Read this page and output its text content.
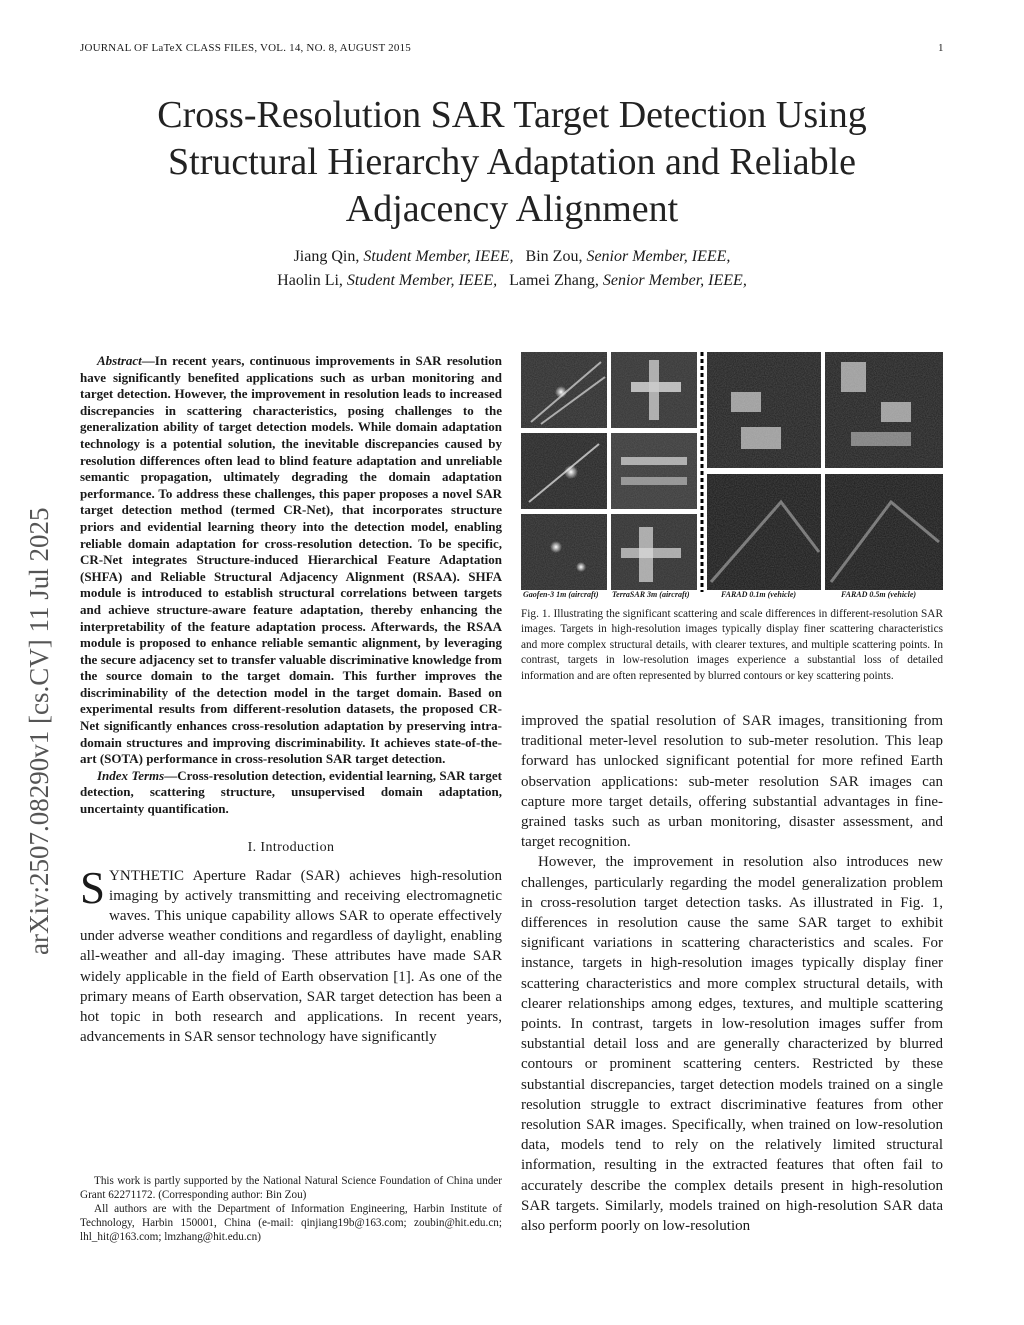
JOURNAL OF LaTeX CLASS FILES, VOL. 14, NO. 8, AUGUST 2015	1
arXiv:2507.08290v1 [cs.CV] 11 Jul 2025
Cross-Resolution SAR Target Detection Using
Structural Hierarchy Adaptation and Reliable
Adjacency Alignment
Jiang Qin, Student Member, IEEE, Bin Zou, Senior Member, IEEE,
Haolin Li, Student Member, IEEE, Lamei Zhang, Senior Member, IEEE,

Abstract—In recent years, continuous improvements in SAR resolution have significantly benefited applications such as urban monitoring and target detection. However, the improvement in resolution leads to increased discrepancies in scattering characteristics, posing challenges to the generalization ability of target detection models. While domain adaptation technology is a potential solution, the inevitable discrepancies caused by resolution differences often lead to blind feature adaptation and unreliable semantic propagation, ultimately degrading the domain adaptation performance. To address these challenges, this paper proposes a novel SAR target detection method (termed CR-Net), that incorporates structure priors and evidential learning theory into the detection model, enabling reliable domain adaptation for cross-resolution detection. To be specific, CR-Net integrates Structure-induced Hierarchical Feature Adaptation (SHFA) and Reliable Structural Adjacency Alignment (RSAA). SHFA module is introduced to establish structural correlations between targets and achieve structure-aware feature adaptation, thereby enhancing the interpretability of the feature adaptation process. Afterwards, the RSAA module is proposed to enhance reliable semantic alignment, by leveraging the secure adjacency set to transfer valuable discriminative knowledge from the source domain to the target domain. This further improves the discriminability of the detection model in the target domain. Based on experimental results from different-resolution datasets, the proposed CR-Net significantly enhances cross-resolution adaptation by preserving intra-domain structures and improving discriminability. It achieves state-of-the-art (SOTA) performance in cross-resolution SAR target detection.

Index Terms—Cross-resolution detection, evidential learning, SAR target detection, scattering structure, unsupervised domain adaptation, uncertainty quantification.

I. Introduction

SYNTHETIC Aperture Radar (SAR) achieves high-resolution imaging by actively transmitting and receiving electromagnetic waves. This unique capability allows SAR to operate effectively under adverse weather conditions and regardless of daylight, enabling all-weather and all-day imaging. These attributes have made SAR widely applicable in the field of Earth observation [1]. As one of the primary means of Earth observation, SAR target detection has been a hot topic in both research and applications. In recent years, advancements in SAR sensor technology have significantly

This work is partly supported by the National Natural Science Foundation of China under Grant 62271172. (Corresponding author: Bin Zou)

All authors are with the Department of Information Engineering, Harbin Institute of Technology, Harbin 150001, China (e-mail: qinjiang19b@163.com; zoubin@hit.edu.cn; lhl_hit@163.com; lmzhang@hit.edu.cn)

Gaofen-3 1m (aircraft) TerraSAR 3m (aircraft)	FARAD 0.1m (vehicle)	FARAD 0.5m (vehicle)
Fig. 1. Illustrating the significant scattering and scale differences in different-resolution SAR images. Targets in high-resolution images typically display finer scattering characteristics and more complex structural details, with clearer textures, and multiple scattering points. In contrast, targets in low-resolution images experience a substantial loss of detailed information and are often represented by blurred contours or key scattering points.

improved the spatial resolution of SAR images, transitioning from traditional meter-level resolution to sub-meter resolution. This leap forward has unlocked significant potential for more refined Earth observation applications: sub-meter resolution SAR images can capture more target details, offering substantial advantages in fine-grained tasks such as urban monitoring, disaster assessment, and target recognition.

However, the improvement in resolution also introduces new challenges, particularly regarding the model generalization problem in cross-resolution target detection tasks. As illustrated in Fig. 1, differences in resolution cause the same SAR target to exhibit significant variations in scattering characteristics and scales. For instance, targets in high-resolution images typically display finer scattering characteristics and more complex structural details, with clearer relationships among edges, textures, and multiple scattering points. In contrast, targets in low-resolution images suffer from substantial detail loss and are generally characterized by blurred contours or prominent scattering centers. Restricted by these substantial discrepancies, target detection models trained on a single resolution struggle to extract discriminative features from other resolution SAR images. Specifically, when trained on low-resolution data, models tend to rely on the relatively limited structural information, resulting in the extracted features that often fail to accurately describe the complex details present in high-resolution SAR targets. Similarly, models trained on high-resolution SAR data also perform poorly on low-resolution
